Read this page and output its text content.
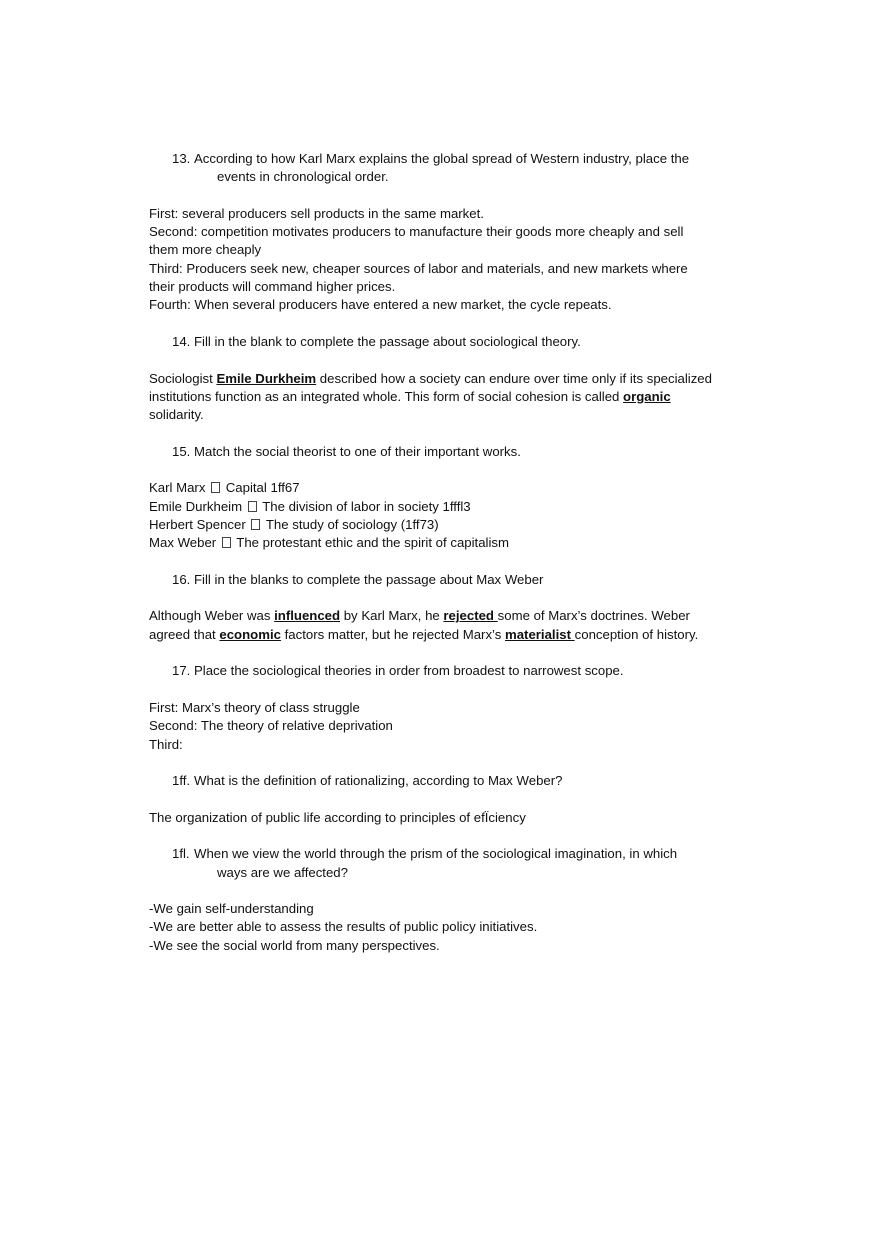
13. According to how Karl Marx explains the global spread of Western industry, place the
events in chronological order.

First: several producers sell products in the same market.

Second: competition motivates producers to manufacture their goods more cheaply and sell

them more cheaply

Third: Producers seek new, cheaper sources of labor and materials, and new markets where

their products will command higher prices.

Fourth: When several producers have entered a new market, the cycle repeats.

14. Fill in the blank to complete the passage about sociological theory.

Sociologist Emile Durkheim described how a society can endure over time only if its specialized

institutions function as an integrated whole. This form of social cohesion is called organic

solidarity.

15. Match the social theorist to one of their important works.

Karl Marx Capital 1ff67

Emile Durkheim The division of labor in society 1fffl3

Herbert Spencer The study of sociology (1ff73)

Max Weber The protestant ethic and the spirit of capitalism

16. Fill in the blanks to complete the passage about Max Weber

Although Weber was influenced by Karl Marx, he rejected some of Marx’s doctrines. Weber

agreed that economic factors matter, but he rejected Marx’s materialist conception of history.

17. Place the sociological theories in order from broadest to narrowest scope.

First: Marx’s theory of class struggle

Second: The theory of relative deprivation

Third:

1ff. What is the definition of rationalizing, according to Max Weber?

The organization of public life according to principles of efÏciency

1fl. When we view the world through the prism of the sociological imagination, in which
ways are we affected?

-We gain self-understanding

-We are better able to assess the results of public policy initiatives.

-We see the social world from many perspectives.
